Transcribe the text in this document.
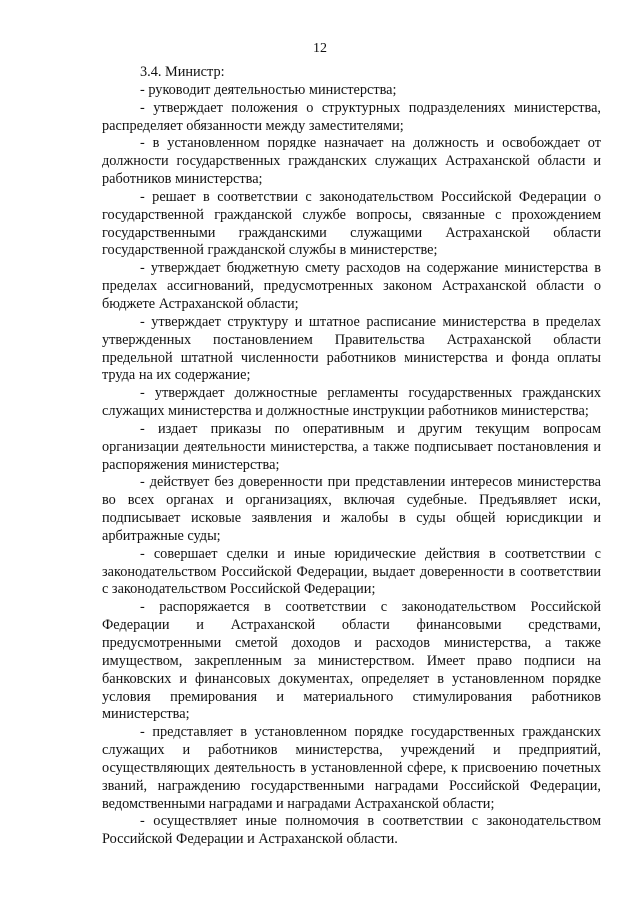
12

3.4. Министр:

- руководит деятельностью министерства;

- утверждает положения о структурных подразделениях министерства, распределяет обязанности между заместителями;

- в установленном порядке назначает на должность и освобождает от должности государственных гражданских служащих Астраханской области и работников министерства;

- решает в соответствии с законодательством Российской Федерации о государственной гражданской службе вопросы, связанные с прохождением государственными гражданскими служащими Астраханской области государственной гражданской службы в министерстве;

- утверждает бюджетную смету расходов на содержание министерства в пределах ассигнований, предусмотренных законом Астраханской области о бюджете Астраханской области;

- утверждает структуру и штатное расписание министерства в пределах утвержденных постановлением Правительства Астраханской области предельной штатной численности работников министерства и фонда оплаты труда на их содержание;

- утверждает должностные регламенты государственных гражданских служащих министерства и должностные инструкции работников министерства;

- издает приказы по оперативным и другим текущим вопросам организации деятельности министерства, а также подписывает постановления и распоряжения министерства;

- действует без доверенности при представлении интересов министерства во всех органах и организациях, включая судебные. Предъявляет иски, подписывает исковые заявления и жалобы в суды общей юрисдикции и арбитражные суды;

- совершает сделки и иные юридические действия в соответствии с законодательством Российской Федерации, выдает доверенности в соответствии с законодательством Российской Федерации;

- распоряжается в соответствии с законодательством Российской Федерации и Астраханской области финансовыми средствами, предусмотренными сметой доходов и расходов министерства, а также имуществом, закрепленным за министерством. Имеет право подписи на банковских и финансовых документах, определяет в установленном порядке условия премирования и материального стимулирования работников министерства;

- представляет в установленном порядке государственных гражданских служащих и работников министерства, учреждений и предприятий, осуществляющих деятельность в установленной сфере, к присвоению почетных званий, награждению государственными наградами Российской Федерации, ведомственными наградами и наградами Астраханской области;

- осуществляет иные полномочия в соответствии с законодательством Российской Федерации и Астраханской области.
